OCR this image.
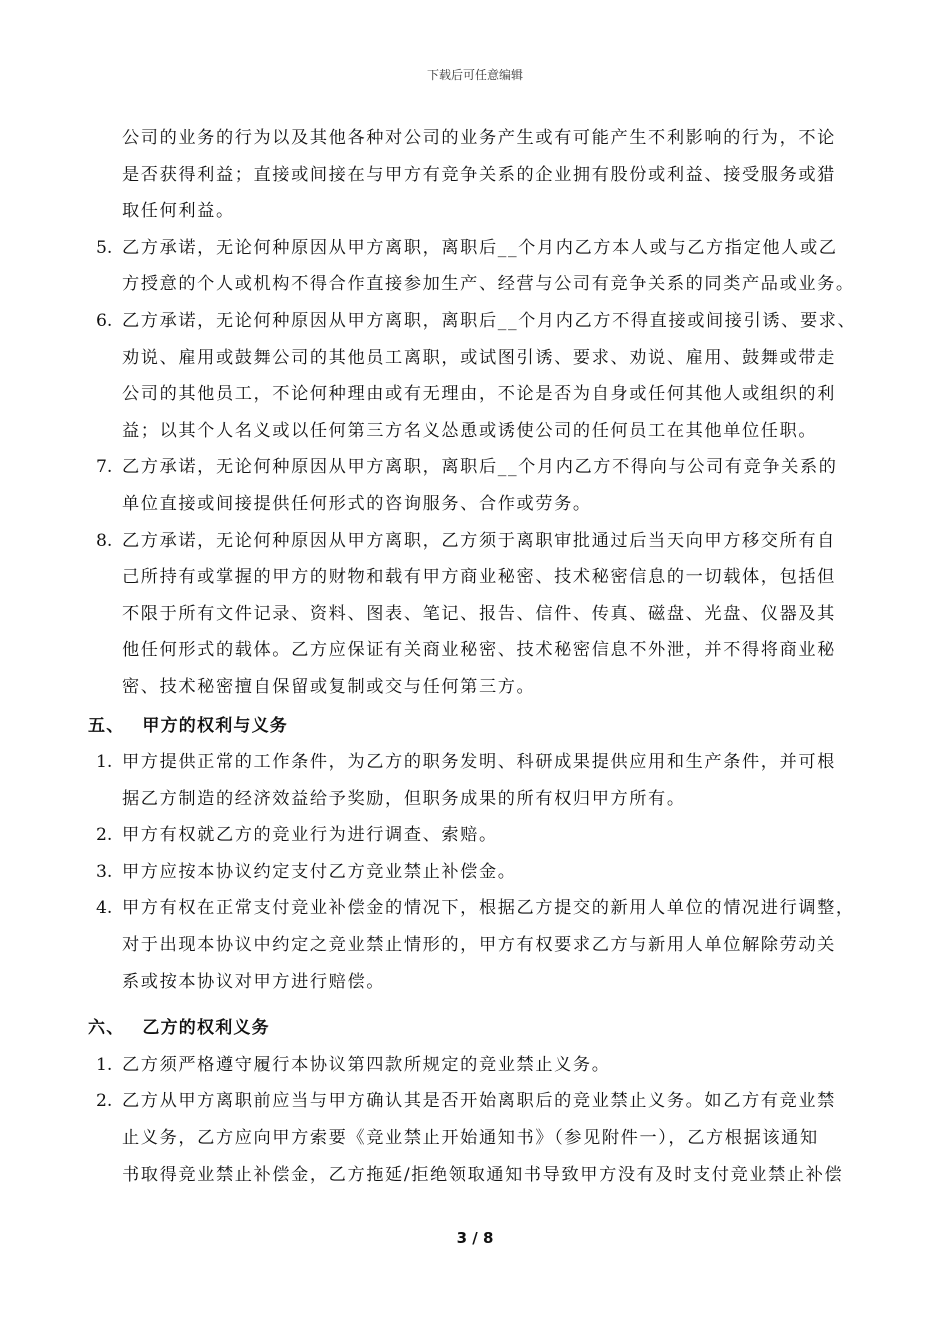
下载后可任意编辑
公司的业务的行为以及其他各种对公司的业务产生或有可能产生不利影响的行为，不论
是否获得利益；直接或间接在与甲方有竞争关系的企业拥有股份或利益、接受服务或猎
取任何利益。
5. 乙方承诺，无论何种原因从甲方离职，离职后__个月内乙方本人或与乙方指定他人或乙
方授意的个人或机构不得合作直接参加生产、经营与公司有竞争关系的同类产品或业务。
6. 乙方承诺，无论何种原因从甲方离职，离职后__个月内乙方不得直接或间接引诱、要求、
劝说、雇用或鼓舞公司的其他员工离职，或试图引诱、要求、劝说、雇用、鼓舞或带走
公司的其他员工，不论何种理由或有无理由，不论是否为自身或任何其他人或组织的利
益；以其个人名义或以任何第三方名义怂恿或诱使公司的任何员工在其他单位任职。
7. 乙方承诺，无论何种原因从甲方离职，离职后__个月内乙方不得向与公司有竞争关系的
单位直接或间接提供任何形式的咨询服务、合作或劳务。
8. 乙方承诺，无论何种原因从甲方离职，乙方须于离职审批通过后当天向甲方移交所有自
己所持有或掌握的甲方的财物和载有甲方商业秘密、技术秘密信息的一切载体，包括但
不限于所有文件记录、资料、图表、笔记、报告、信件、传真、磁盘、光盘、仪器及其
他任何形式的载体。乙方应保证有关商业秘密、技术秘密信息不外泄，并不得将商业秘
密、技术秘密擅自保留或复制或交与任何第三方。
五、 甲方的权利与义务
1. 甲方提供正常的工作条件，为乙方的职务发明、科研成果提供应用和生产条件，并可根
据乙方制造的经济效益给予奖励，但职务成果的所有权归甲方所有。
2. 甲方有权就乙方的竞业行为进行调查、索赔。
3. 甲方应按本协议约定支付乙方竞业禁止补偿金。
4. 甲方有权在正常支付竞业补偿金的情况下，根据乙方提交的新用人单位的情况进行调整，
对于出现本协议中约定之竞业禁止情形的，甲方有权要求乙方与新用人单位解除劳动关
系或按本协议对甲方进行赔偿。
六、 乙方的权利义务
1. 乙方须严格遵守履行本协议第四款所规定的竞业禁止义务。
2. 乙方从甲方离职前应当与甲方确认其是否开始离职后的竞业禁止义务。如乙方有竞业禁
止义务，乙方应向甲方索要《竞业禁止开始通知书》（参见附件一），乙方根据该通知
书取得竞业禁止补偿金，乙方拖延/拒绝领取通知书导致甲方没有及时支付竞业禁止补偿
3 / 8
